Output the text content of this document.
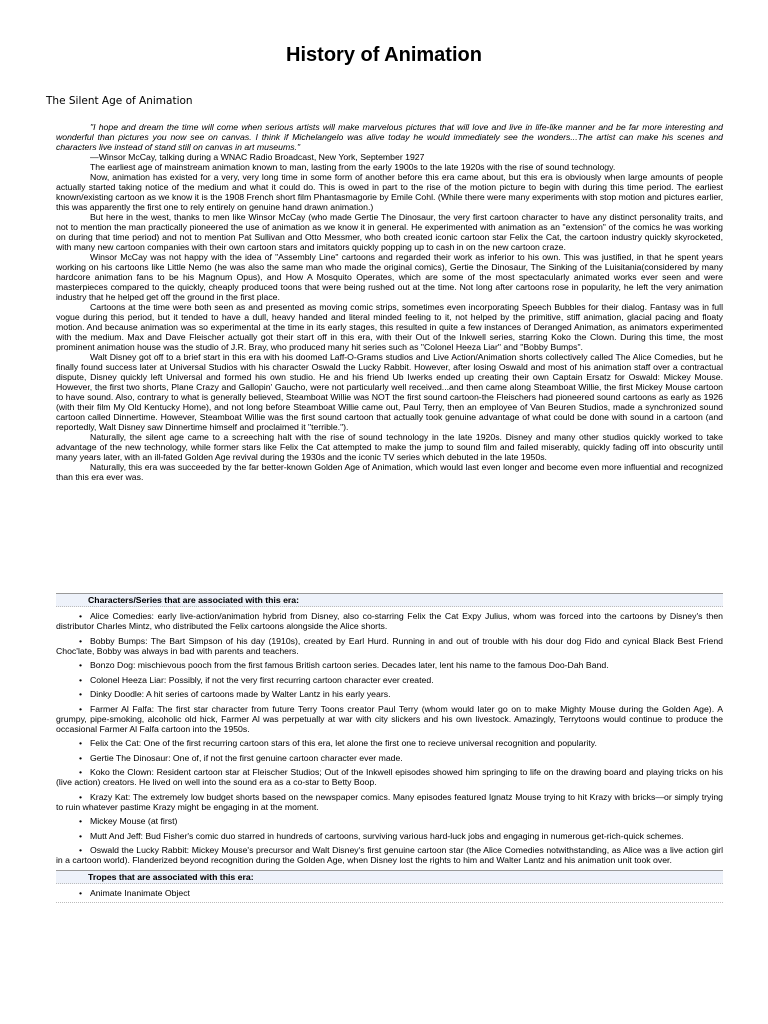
History of Animation
The Silent Age of Animation

"I hope and dream the time will come when serious artists will make marvelous pictures that will love and live in life-like manner and be far more interesting and wonderful than pictures you now see on canvas. I think if Michelangelo was alive today he would immediately see the wonders...The artist can make his scenes and characters live instead of stand still on canvas in art museums."

—Winsor McCay, talking during a WNAC Radio Broadcast, New York, September 1927

The earliest age of mainstream animation known to man, lasting from the early 1900s to the late 1920s with the rise of sound technology.

Now, animation has existed for a very, very long time in some form of another before this era came about, but this era is obviously when large amounts of people actually started taking notice of the medium and what it could do. This is owed in part to the rise of the motion picture to begin with during this time period. The earliest known/existing cartoon as we know it is the 1908 French short film Phantasmagorie by Emile Cohl. (While there were many experiments with stop motion and pictures earlier, this was apparently the first one to rely entirely on genuine hand drawn animation.)

But here in the west, thanks to men like Winsor McCay (who made Gertie The Dinosaur, the very first cartoon character to have any distinct personality traits, and not to mention the man practically pioneered the use of animation as we know it in general. He experimented with animation as an "extension" of the comics he was working on during that time period) and not to mention Pat Sullivan and Otto Messmer, who both created iconic cartoon star Felix the Cat, the cartoon industry quickly skyrocketed, with many new cartoon companies with their own cartoon stars and imitators quickly popping up to cash in on the new cartoon craze.

Winsor McCay was not happy with the idea of "Assembly Line" cartoons and regarded their work as inferior to his own. This was justified, in that he spent years working on his cartoons like Little Nemo (he was also the same man who made the original comics), Gertie the Dinosaur, The Sinking of the Luisitania(considered by many hardcore animation fans to be his Magnum Opus), and How A Mosquito Operates, which are some of the most spectacularly animated works ever seen and were masterpieces compared to the quickly, cheaply produced toons that were being rushed out at the time. Not long after cartoons rose in popularity, he left the very animation industry that he helped get off the ground in the first place.

Cartoons at the time were both seen as and presented as moving comic strips, sometimes even incorporating Speech Bubbles for their dialog. Fantasy was in full vogue during this period, but it tended to have a dull, heavy handed and literal minded feeling to it, not helped by the primitive, stiff animation, glacial pacing and floaty motion. And because animation was so experimental at the time in its early stages, this resulted in quite a few instances of Deranged Animation, as animators experimented with the medium. Max and Dave Fleischer actually got their start off in this era, with their Out of the Inkwell series, starring Koko the Clown. During this time, the most prominent animation house was the studio of J.R. Bray, who produced many hit series such as "Colonel Heeza Liar" and "Bobby Bumps".

Walt Disney got off to a brief start in this era with his doomed Laff-O-Grams studios and Live Action/Animation shorts collectively called The Alice Comedies, but he finally found success later at Universal Studios with his character Oswald the Lucky Rabbit. However, after losing Oswald and most of his animation staff over a contractual dispute, Disney quickly left Universal and formed his own studio. He and his friend Ub Iwerks ended up creating their own Captain Ersatz for Oswald: Mickey Mouse. However, the first two shorts, Plane Crazy and Gallopin' Gaucho, were not particularly well received...and then came along Steamboat Willie, the first Mickey Mouse cartoon to have sound. Also, contrary to what is generally believed, Steamboat Willie was NOT the first sound cartoon-the Fleischers had pioneered sound cartoons as early as 1926 (with their film My Old Kentucky Home), and not long before Steamboat Willie came out, Paul Terry, then an employee of Van Beuren Studios, made a synchronized sound cartoon called Dinnertime. However, Steamboat Willie was the first sound cartoon that actually took genuine advantage of what could be done with sound in a cartoon (and reportedly, Walt Disney saw Dinnertime himself and proclaimed it "terrible.").

Naturally, the silent age came to a screeching halt with the rise of sound technology in the late 1920s. Disney and many other studios quickly worked to take advantage of the new technology, while former stars like Felix the Cat attempted to make the jump to sound film and failed miserably, quickly fading off into obscurity until many years later, with an ill-fated Golden Age revival during the 1930s and the iconic TV series which debuted in the late 1950s.

Naturally, this era was succeeded by the far better-known Golden Age of Animation, which would last even longer and become even more influential and recognized than this era ever was.

Characters/Series that are associated with this era:
• Alice Comedies: early live-action/animation hybrid from Disney, also co-starring Felix the Cat Expy Julius, whom was forced into the cartoons by Disney's then distributor Charles Mintz, who distributed the Felix cartoons alongside the Alice shorts.
• Bobby Bumps: The Bart Simpson of his day (1910s), created by Earl Hurd. Running in and out of trouble with his dour dog Fido and cynical Black Best Friend Choc'late, Bobby was always in bad with parents and teachers.
• Bonzo Dog: mischievous pooch from the first famous British cartoon series. Decades later, lent his name to the famous Doo-Dah Band.
• Colonel Heeza Liar: Possibly, if not the very first recurring cartoon character ever created.
• Dinky Doodle: A hit series of cartoons made by Walter Lantz in his early years.
• Farmer Al Falfa: The first star character from future Terry Toons creator Paul Terry (whom would later go on to make Mighty Mouse during the Golden Age). A grumpy, pipe-smoking, alcoholic old hick, Farmer Al was perpetually at war with city slickers and his own livestock. Amazingly, Terrytoons would continue to produce the occasional Farmer Al Falfa cartoon into the 1950s.
• Felix the Cat: One of the first recurring cartoon stars of this era, let alone the first one to recieve universal recognition and popularity.
• Gertie The Dinosaur: One of, if not the first genuine cartoon character ever made.
• Koko the Clown: Resident cartoon star at Fleischer Studios; Out of the Inkwell episodes showed him springing to life on the drawing board and playing tricks on his (live action) creators. He lived on well into the sound era as a co-star to Betty Boop.
• Krazy Kat: The extremely low budget shorts based on the newspaper comics. Many episodes featured Ignatz Mouse trying to hit Krazy with bricks—or simply trying to ruin whatever pastime Krazy might be engaging in at the moment.
• Mickey Mouse (at first)
• Mutt And Jeff: Bud Fisher's comic duo starred in hundreds of cartoons, surviving various hard-luck jobs and engaging in numerous get-rich-quick schemes.
• Oswald the Lucky Rabbit: Mickey Mouse's precursor and Walt Disney's first genuine cartoon star (the Alice Comedies notwithstanding, as Alice was a live action girl in a cartoon world). Flanderized beyond recognition during the Golden Age, when Disney lost the rights to him and Walter Lantz and his animation unit took over.
Tropes that are associated with this era:
• Animate Inanimate Object
